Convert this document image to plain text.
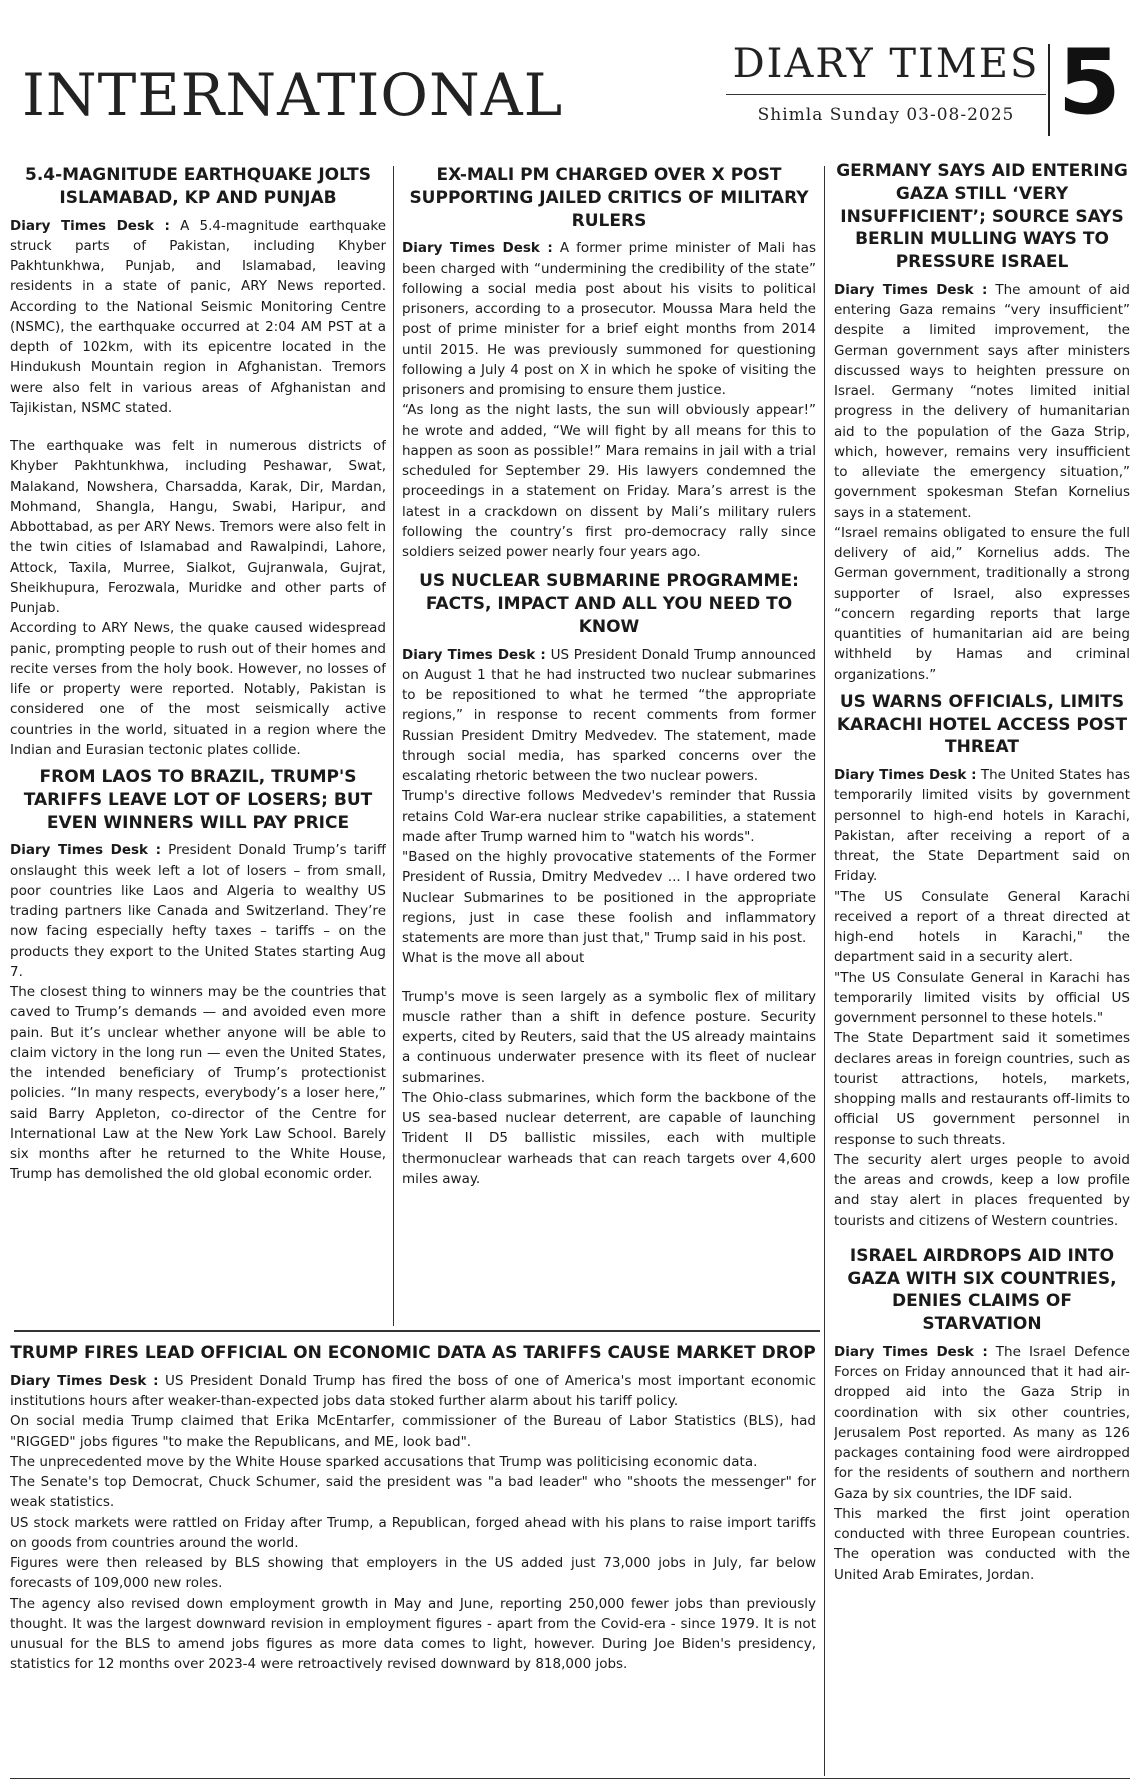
INTERNATIONAL	DIARY TIMES
Shimla Sunday 03-08-2025 5
5.4-MAGNITUDE EARTHQUAKE JOLTS ISLAMABAD, KP AND PUNJAB

Diary Times Desk : A 5.4-magnitude earthquake struck parts of Pakistan, including Khyber Pakhtunkhwa, Punjab, and Islamabad, leaving residents in a state of panic, ARY News reported. According to the National Seismic Monitoring Centre (NSMC), the earthquake occurred at 2:04 AM PST at a depth of 102km, with its epicentre located in the Hindukush Mountain region in Afghanistan. Tremors were also felt in various areas of Afghanistan and Tajikistan, NSMC stated.

The earthquake was felt in numerous districts of Khyber Pakhtunkhwa, including Peshawar, Swat, Malakand, Nowshera, Charsadda, Karak, Dir, Mardan, Mohmand, Shangla, Hangu, Swabi, Haripur, and Abbottabad, as per ARY News. Tremors were also felt in the twin cities of Islamabad and Rawalpindi, Lahore, Attock, Taxila, Murree, Sialkot, Gujranwala, Gujrat, Sheikhupura, Ferozwala, Muridke and other parts of Punjab.

According to ARY News, the quake caused widespread panic, prompting people to rush out of their homes and recite verses from the holy book. However, no losses of life or property were reported. Notably, Pakistan is considered one of the most seismically active countries in the world, situated in a region where the Indian and Eurasian tectonic plates collide.

FROM LAOS TO BRAZIL, TRUMP'S TARIFFS LEAVE LOT OF LOSERS; BUT EVEN WINNERS WILL PAY PRICE

Diary Times Desk : President Donald Trump’s tariff onslaught this week left a lot of losers – from small, poor countries like Laos and Algeria to wealthy US trading partners like Canada and Switzerland. They’re now facing especially hefty taxes – tariffs – on the products they export to the United States starting Aug 7.

The closest thing to winners may be the countries that caved to Trump’s demands — and avoided even more pain. But it’s unclear whether anyone will be able to claim victory in the long run — even the United States, the intended beneficiary of Trump’s protectionist policies. “In many respects, everybody’s a loser here,” said Barry Appleton, co-director of the Centre for International Law at the New York Law School. Barely six months after he returned to the White House, Trump has demolished the old global economic order.

EX-MALI PM CHARGED OVER X POST SUPPORTING JAILED CRITICS OF MILITARY RULERS

Diary Times Desk : A former prime minister of Mali has been charged with “undermining the credibility of the state” following a social media post about his visits to political prisoners, according to a prosecutor. Moussa Mara held the post of prime minister for a brief eight months from 2014 until 2015. He was previously summoned for questioning following a July 4 post on X in which he spoke of visiting the prisoners and promising to ensure them justice.

“As long as the night lasts, the sun will obviously appear!” he wrote and added, “We will fight by all means for this to happen as soon as possible!” Mara remains in jail with a trial scheduled for September 29. His lawyers condemned the proceedings in a statement on Friday. Mara’s arrest is the latest in a crackdown on dissent by Mali’s military rulers following the country’s first pro-democracy rally since soldiers seized power nearly four years ago.

US NUCLEAR SUBMARINE PROGRAMME: FACTS, IMPACT AND ALL YOU NEED TO KNOW

Diary Times Desk : US President Donald Trump announced on August 1 that he had instructed two nuclear submarines to be repositioned to what he termed “the appropriate regions,” in response to recent comments from former Russian President Dmitry Medvedev. The statement, made through social media, has sparked concerns over the escalating rhetoric between the two nuclear powers.

Trump's directive follows Medvedev's reminder that Russia retains Cold War-era nuclear strike capabilities, a statement made after Trump warned him to "watch his words".

"Based on the highly provocative statements of the Former President of Russia, Dmitry Medvedev ... I have ordered two Nuclear Submarines to be positioned in the appropriate regions, just in case these foolish and inflammatory statements are more than just that," Trump said in his post.

What is the move all about

Trump's move is seen largely as a symbolic flex of military muscle rather than a shift in defence posture. Security experts, cited by Reuters, said that the US already maintains a continuous underwater presence with its fleet of nuclear submarines.

The Ohio-class submarines, which form the backbone of the US sea-based nuclear deterrent, are capable of launching Trident II D5 ballistic missiles, each with multiple thermonuclear warheads that can reach targets over 4,600 miles away.

GERMANY SAYS AID ENTERING GAZA STILL ‘VERY INSUFFICIENT’; SOURCE SAYS BERLIN MULLING WAYS TO PRESSURE ISRAEL

Diary Times Desk : The amount of aid entering Gaza remains “very insufficient” despite a limited improvement, the German government says after ministers discussed ways to heighten pressure on Israel. Germany “notes limited initial progress in the delivery of humanitarian aid to the population of the Gaza Strip, which, however, remains very insufficient to alleviate the emergency situation,” government spokesman Stefan Kornelius says in a statement.

“Israel remains obligated to ensure the full delivery of aid,” Kornelius adds. The German government, traditionally a strong supporter of Israel, also expresses “concern regarding reports that large quantities of humanitarian aid are being withheld by Hamas and criminal organizations.”

US WARNS OFFICIALS, LIMITS KARACHI HOTEL ACCESS POST THREAT

Diary Times Desk : The United States has temporarily limited visits by government personnel to high-end hotels in Karachi, Pakistan, after receiving a report of a threat, the State Department said on Friday.

"The US Consulate General Karachi received a report of a threat directed at high-end hotels in Karachi," the department said in a security alert.

"The US Consulate General in Karachi has temporarily limited visits by official US government personnel to these hotels."

The State Department said it sometimes declares areas in foreign countries, such as tourist attractions, hotels, markets, shopping malls and restaurants off-limits to official US government personnel in response to such threats.

The security alert urges people to avoid the areas and crowds, keep a low profile and stay alert in places frequented by tourists and citizens of Western countries.

ISRAEL AIRDROPS AID INTO GAZA WITH SIX COUNTRIES, DENIES CLAIMS OF STARVATION

Diary Times Desk : The Israel Defence Forces on Friday announced that it had air-dropped aid into the Gaza Strip in coordination with six other countries, Jerusalem Post reported. As many as 126 packages containing food were airdropped for the residents of southern and northern Gaza by six countries, the IDF said.

This marked the first joint operation conducted with three European countries. The operation was conducted with the United Arab Emirates, Jordan.

TRUMP FIRES LEAD OFFICIAL ON ECONOMIC DATA AS TARIFFS CAUSE MARKET DROP

Diary Times Desk : US President Donald Trump has fired the boss of one of America's most important economic institutions hours after weaker-than-expected jobs data stoked further alarm about his tariff policy.

On social media Trump claimed that Erika McEntarfer, commissioner of the Bureau of Labor Statistics (BLS), had "RIGGED" jobs figures "to make the Republicans, and ME, look bad".

The unprecedented move by the White House sparked accusations that Trump was politicising economic data.

The Senate's top Democrat, Chuck Schumer, said the president was "a bad leader" who "shoots the messenger" for weak statistics.

US stock markets were rattled on Friday after Trump, a Republican, forged ahead with his plans to raise import tariffs on goods from countries around the world.

Figures were then released by BLS showing that employers in the US added just 73,000 jobs in July, far below forecasts of 109,000 new roles.

The agency also revised down employment growth in May and June, reporting 250,000 fewer jobs than previously thought. It was the largest downward revision in employment figures - apart from the Covid-era - since 1979. It is not unusual for the BLS to amend jobs figures as more data comes to light, however. During Joe Biden's presidency, statistics for 12 months over 2023-4 were retroactively revised downward by 818,000 jobs.
